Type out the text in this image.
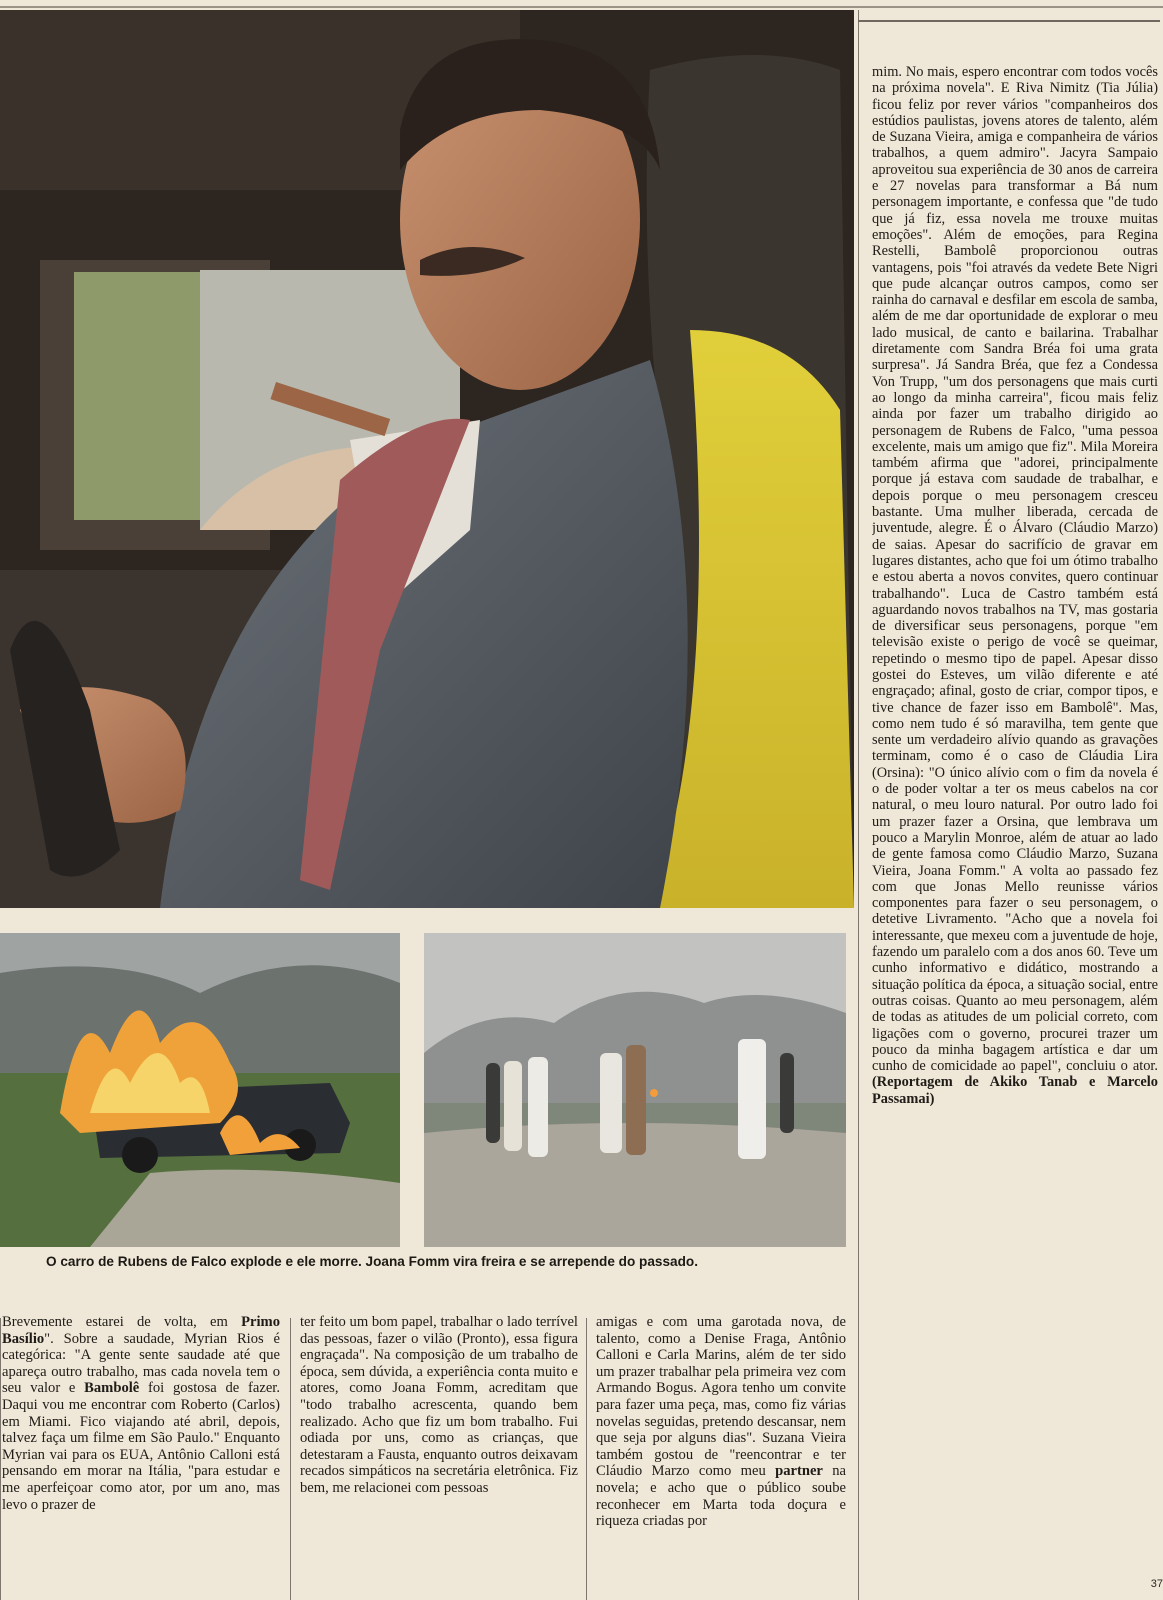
O carro de Rubens de Falco explode e ele morre. Joana Fomm vira freira e se arrepende do passado.
mim. No mais, espero encontrar com todos vocês na próxima novela". E Riva Nimitz (Tia Júlia) ficou feliz por rever vários "companheiros dos estúdios paulistas, jovens atores de talento, além de Suzana Vieira, amiga e companheira de vários trabalhos, a quem admiro". Jacyra Sampaio aproveitou sua experiência de 30 anos de carreira e 27 novelas para transformar a Bá num personagem importante, e confessa que "de tudo que já fiz, essa novela me trouxe muitas emoções". Além de emoções, para Regina Restelli, Bambolê proporcionou outras vantagens, pois "foi através da vedete Bete Nigri que pude alcançar outros campos, como ser rainha do carnaval e desfilar em escola de samba, além de me dar oportunidade de explorar o meu lado musical, de canto e bailarina. Trabalhar diretamente com Sandra Bréa foi uma grata surpresa". Já Sandra Bréa, que fez a Condessa Von Trupp, "um dos personagens que mais curti ao longo da minha carreira", ficou mais feliz ainda por fazer um trabalho dirigido ao personagem de Rubens de Falco, "uma pessoa excelente, mais um amigo que fiz". Mila Moreira também afirma que "adorei, principalmente porque já estava com saudade de trabalhar, e depois porque o meu personagem cresceu bastante. Uma mulher liberada, cercada de juventude, alegre. É o Álvaro (Cláudio Marzo) de saias. Apesar do sacrifício de gravar em lugares distantes, acho que foi um ótimo trabalho e estou aberta a novos convites, quero continuar trabalhando". Luca de Castro também está aguardando novos trabalhos na TV, mas gostaria de diversificar seus personagens, porque "em televisão existe o perigo de você se queimar, repetindo o mesmo tipo de papel. Apesar disso gostei do Esteves, um vilão diferente e até engraçado; afinal, gosto de criar, compor tipos, e tive chance de fazer isso em Bambolê". Mas, como nem tudo é só maravilha, tem gente que sente um verdadeiro alívio quando as gravações terminam, como é o caso de Cláudia Lira (Orsina): "O único alívio com o fim da novela é o de poder voltar a ter os meus cabelos na cor natural, o meu louro natural. Por outro lado foi um prazer fazer a Orsina, que lembrava um pouco a Marylin Monroe, além de atuar ao lado de gente famosa como Cláudio Marzo, Suzana Vieira, Joana Fomm." A volta ao passado fez com que Jonas Mello reunisse vários componentes para fazer o seu personagem, o detetive Livramento. "Acho que a novela foi interessante, que mexeu com a juventude de hoje, fazendo um paralelo com a dos anos 60. Teve um cunho informativo e didático, mostrando a situação política da época, a situação social, entre outras coisas. Quanto ao meu personagem, além de todas as atitudes de um policial correto, com ligações com o governo, procurei trazer um pouco da minha bagagem artística e dar um cunho de comicidade ao papel", concluiu o ator. (Reportagem de Akiko Tanab e Marcelo Passamai)
Brevemente estarei de volta, em Primo Basílio". Sobre a saudade, Myrian Rios é categórica: "A gente sente saudade até que apareça outro trabalho, mas cada novela tem o seu valor e Bambolê foi gostosa de fazer. Daqui vou me encontrar com Roberto (Carlos) em Miami. Fico viajando até abril, depois, talvez faça um filme em São Paulo." Enquanto Myrian vai para os EUA, Antônio Calloni está pensando em morar na Itália, "para estudar e me aperfeiçoar como ator, por um ano, mas levo o prazer de
ter feito um bom papel, trabalhar o lado terrível das pessoas, fazer o vilão (Pronto), essa figura engraçada". Na composição de um trabalho de época, sem dúvida, a experiência conta muito e atores, como Joana Fomm, acreditam que "todo trabalho acrescenta, quando bem realizado. Acho que fiz um bom trabalho. Fui odiada por uns, como as crianças, que detestaram a Fausta, enquanto outros deixavam recados simpáticos na secretária eletrônica. Fiz bem, me relacionei com pessoas
amigas e com uma garotada nova, de talento, como a Denise Fraga, Antônio Calloni e Carla Marins, além de ter sido um prazer trabalhar pela primeira vez com Armando Bogus. Agora tenho um convite para fazer uma peça, mas, como fiz várias novelas seguidas, pretendo descansar, nem que seja por alguns dias". Suzana Vieira também gostou de "reencontrar e ter Cláudio Marzo como meu partner na novela; e acho que o público soube reconhecer em Marta toda doçura e riqueza criadas por
37
